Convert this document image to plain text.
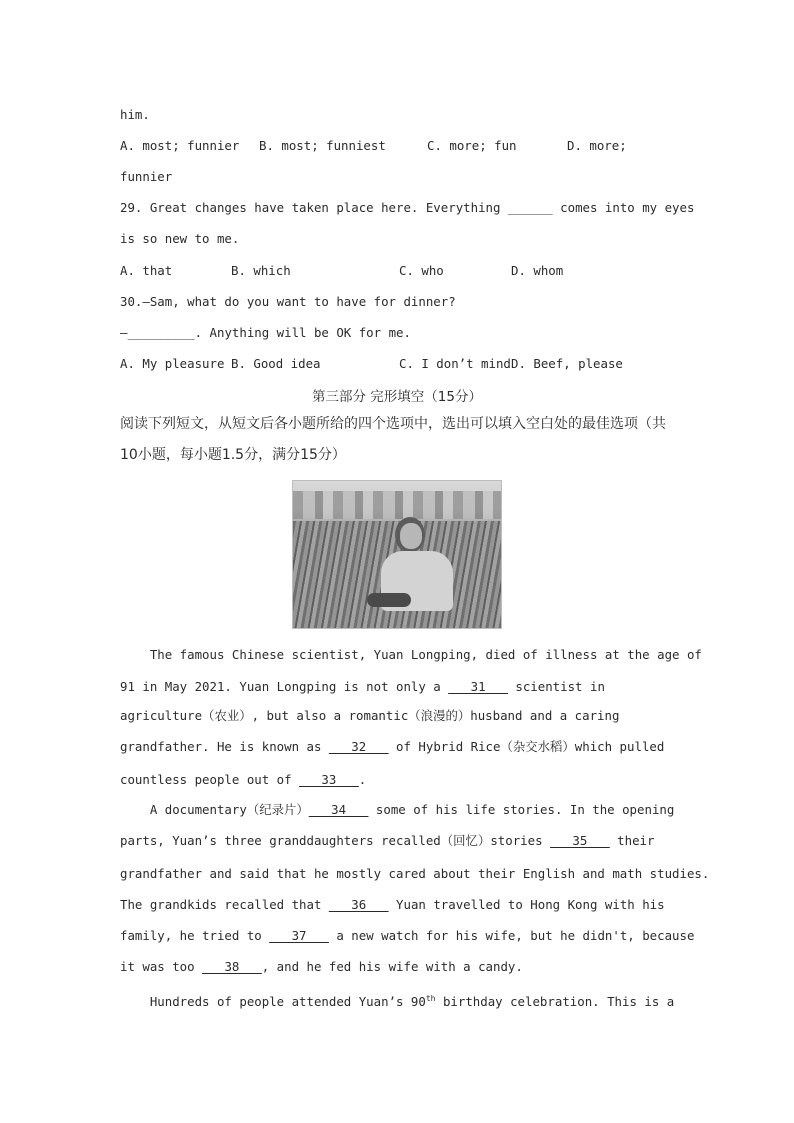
him.
A. most; funnier B. most; funniest	C. more; fun	D. more;
funnier
29. Great changes have taken place here. Everything ______ comes into my eyes
is so new to me.
A. that	B. which	C. who	D. whom
30.—Sam, what do you want to have for dinner?
—_________. Anything will be OK for me.
A. My pleasure B. Good idea	C. I don’t mind D. Beef, please
第三部分 完形填空（15分）
阅读下列短文，从短文后各小题所给的四个选项中，选出可以填入空白处的最佳选项（共
10小题，每小题1.5分，满分15分）
The famous Chinese scientist, Yuan Longping, died of illness at the age of
91 in May 2021. Yuan Longping is not only a ___31___ scientist in
agriculture（农业）, but also a romantic（浪漫的）husband and a caring
grandfather. He is known as ___32___ of Hybrid Rice（杂交水稻）which pulled
countless people out of ___33___.
A documentary（纪录片）___34___ some of his life stories. In the opening
parts, Yuan’s three granddaughters recalled（回忆）stories ___35___ their
grandfather and said that he mostly cared about their English and math studies.
The grandkids recalled that ___36___ Yuan travelled to Hong Kong with his
family, he tried to ___37___ a new watch for his wife, but he didn't, because
it was too ___38___, and he fed his wife with a candy.
Hundreds of people attended Yuan’s 90th birthday celebration. This is a
